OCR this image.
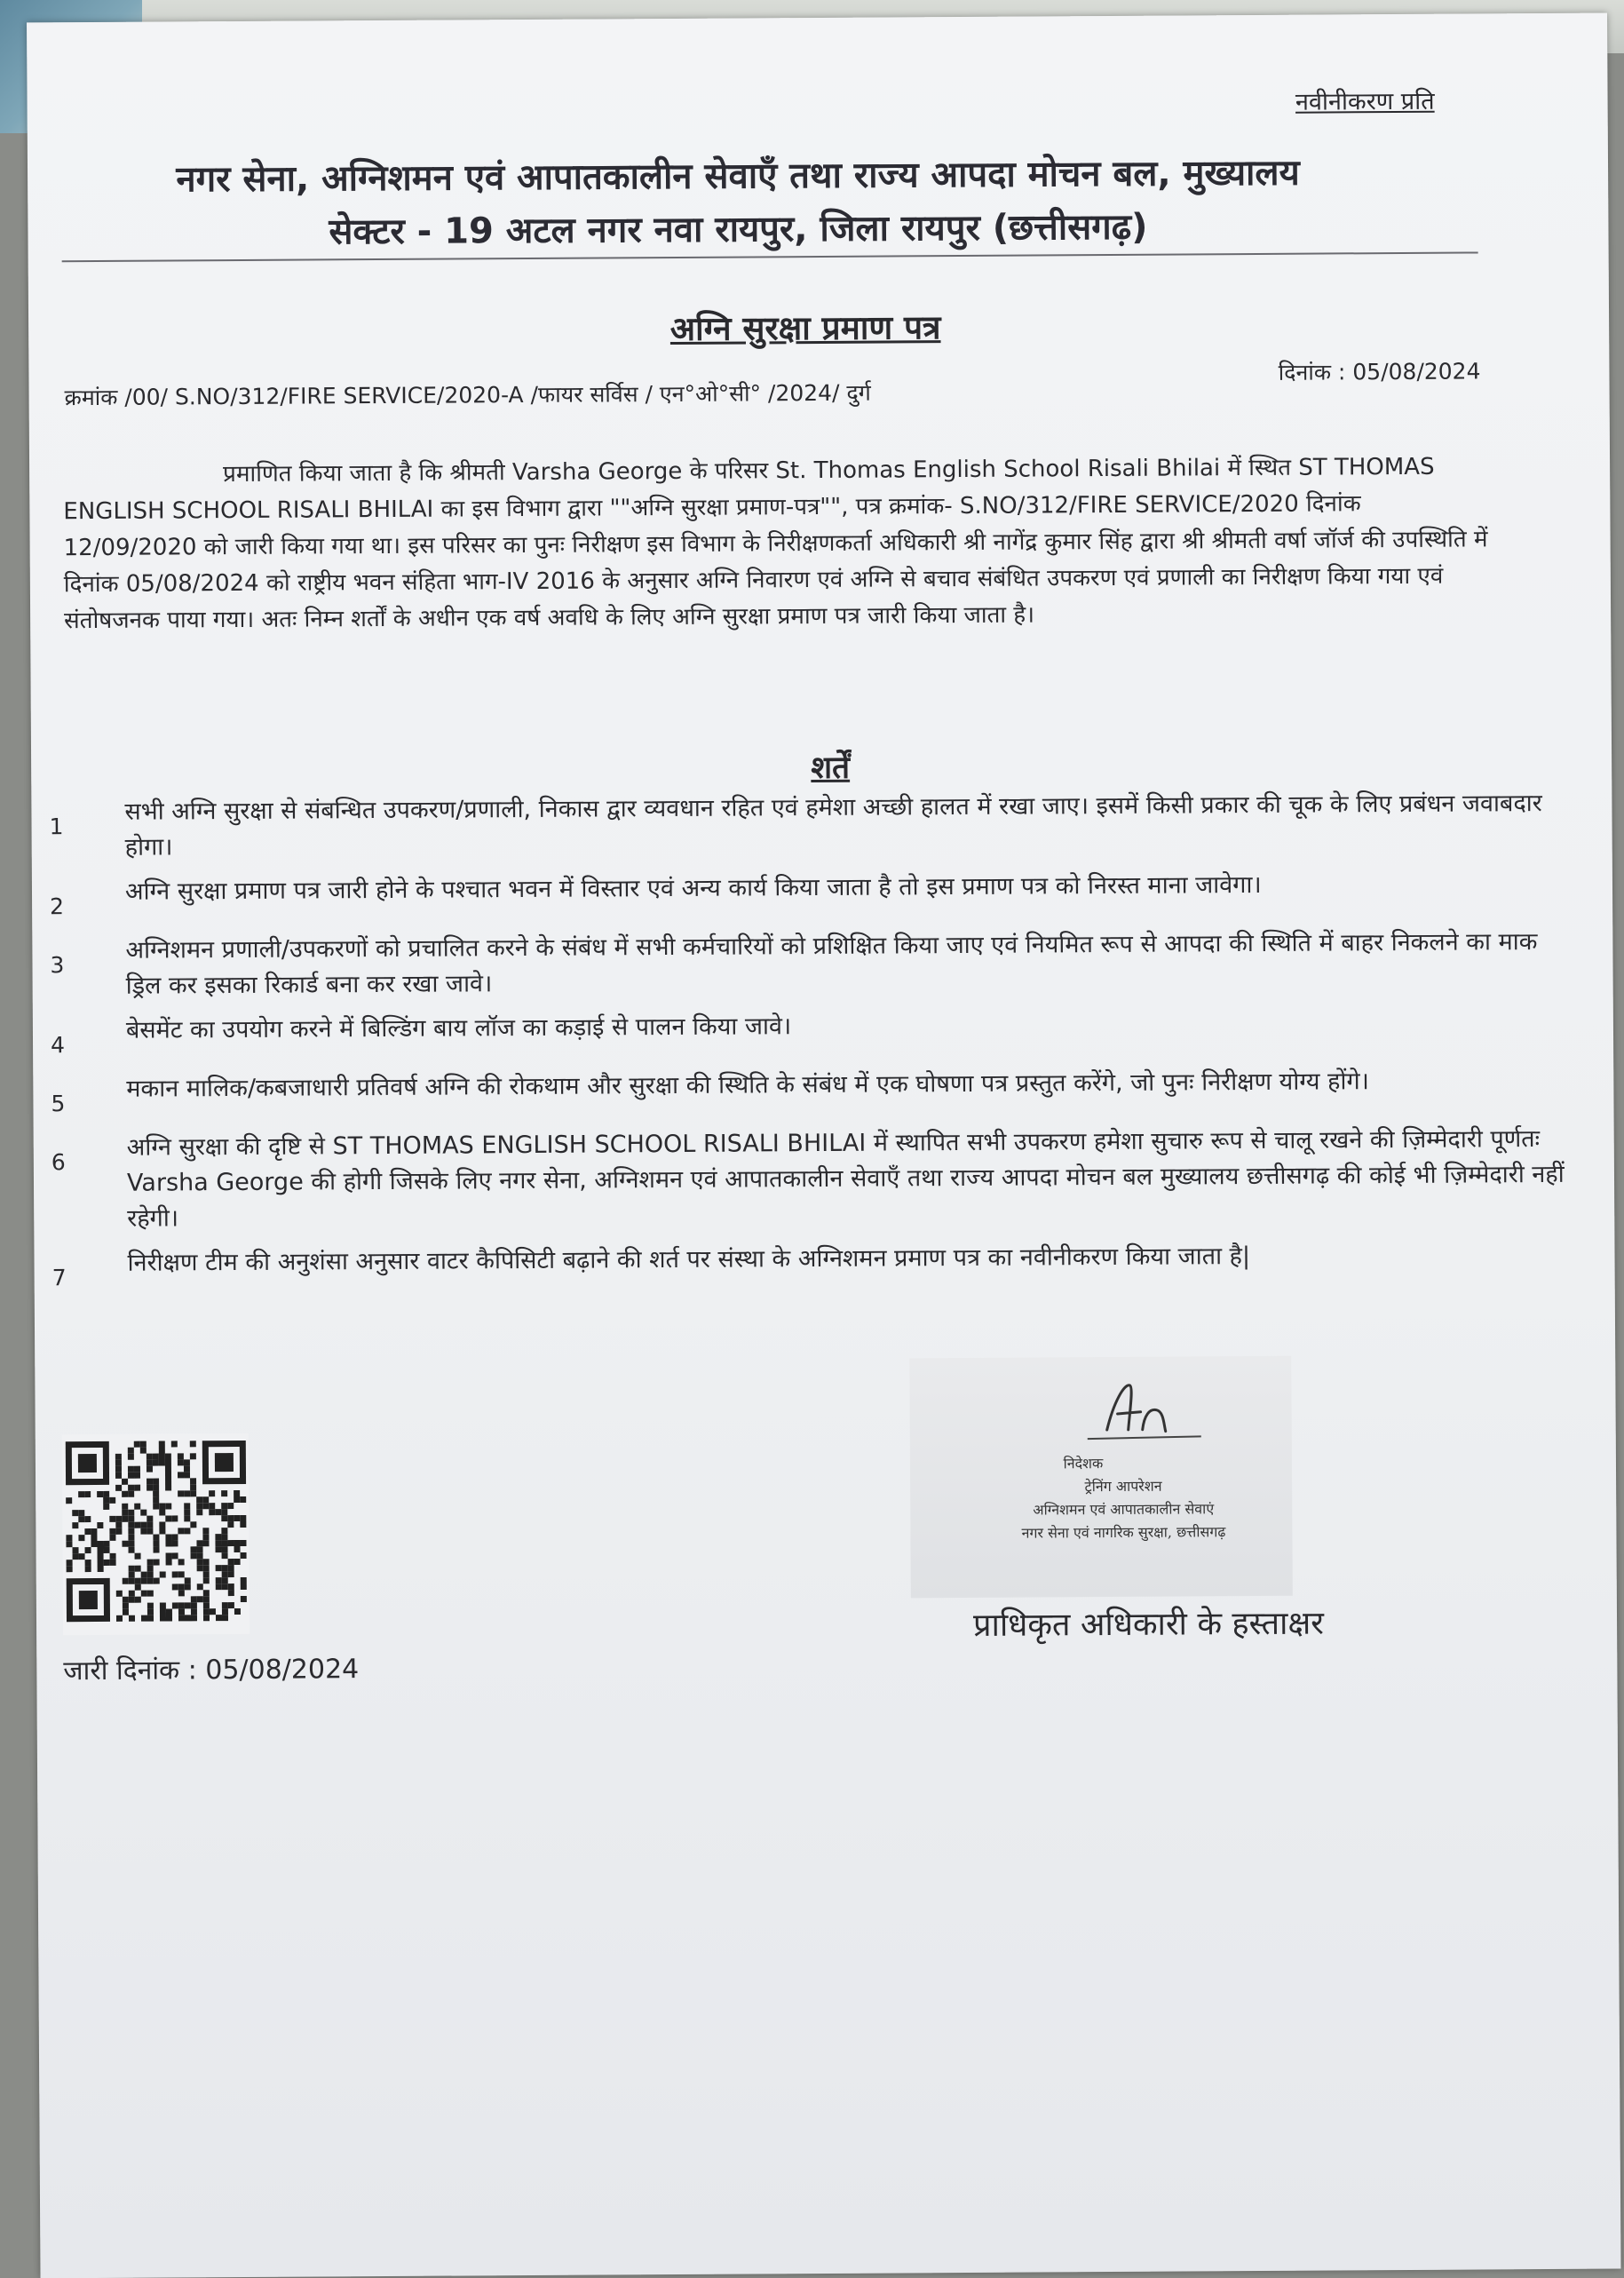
नवीनीकरण प्रति
नगर सेना, अग्निशमन एवं आपातकालीन सेवाएँ तथा राज्य आपदा मोचन बल, मुख्यालय
सेक्टर - 19 अटल नगर नवा रायपुर, जिला रायपुर (छत्तीसगढ़)
अग्नि सुरक्षा प्रमाण पत्र
क्रमांक /00/ S.NO/312/FIRE SERVICE/2020-A /फायर सर्विस / एन°ओ°सी° /2024/ दुर्ग
दिनांक : 05/08/2024
प्रमाणित किया जाता है कि श्रीमती Varsha George के परिसर St. Thomas English School Risali Bhilai में स्थित ST THOMAS ENGLISH SCHOOL RISALI BHILAI का इस विभाग द्वारा ""अग्नि सुरक्षा प्रमाण-पत्र"", पत्र क्रमांक- S.NO/312/FIRE SERVICE/2020 दिनांक 12/09/2020 को जारी किया गया था। इस परिसर का पुनः निरीक्षण इस विभाग के निरीक्षणकर्ता अधिकारी श्री नागेंद्र कुमार सिंह द्वारा श्री श्रीमती वर्षा जॉर्ज की उपस्थिति में दिनांक 05/08/2024 को राष्ट्रीय भवन संहिता भाग-IV 2016 के अनुसार अग्नि निवारण एवं अग्नि से बचाव संबंधित उपकरण एवं प्रणाली का निरीक्षण किया गया एवं संतोषजनक पाया गया। अतः निम्न शर्तों के अधीन एक वर्ष अवधि के लिए अग्नि सुरक्षा प्रमाण पत्र जारी किया जाता है।
शर्तें
1
सभी अग्नि सुरक्षा से संबन्धित उपकरण/प्रणाली, निकास द्वार व्यवधान रहित एवं हमेशा अच्छी हालत में रखा जाए। इसमें किसी प्रकार की चूक के लिए प्रबंधन जवाबदार होगा।
2
अग्नि सुरक्षा प्रमाण पत्र जारी होने के पश्चात भवन में विस्तार एवं अन्य कार्य किया जाता है तो इस प्रमाण पत्र को निरस्त माना जावेगा।
3
अग्निशमन प्रणाली/उपकरणों को प्रचालित करने के संबंध में सभी कर्मचारियों को प्रशिक्षित किया जाए एवं नियमित रूप से आपदा की स्थिति में बाहर निकलने का माक ड्रिल कर इसका रिकार्ड बना कर रखा जावे।
4
बेसमेंट का उपयोग करने में बिल्डिंग बाय लॉज का कड़ाई से पालन किया जावे।
5
मकान मालिक/कबजाधारी प्रतिवर्ष अग्नि की रोकथाम और सुरक्षा की स्थिति के संबंध में एक घोषणा पत्र प्रस्तुत करेंगे, जो पुनः निरीक्षण योग्य होंगे।
6
अग्नि सुरक्षा की दृष्टि से ST THOMAS ENGLISH SCHOOL RISALI BHILAI में स्थापित सभी उपकरण हमेशा सुचारु रूप से चालू रखने की ज़िम्मेदारी पूर्णतः Varsha George की होगी जिसके लिए नगर सेना, अग्निशमन एवं आपातकालीन सेवाएँ तथा राज्य आपदा मोचन बल मुख्यालय छत्तीसगढ़ की कोई भी ज़िम्मेदारी नहीं रहेगी।
7
निरीक्षण टीम की अनुशंसा अनुसार वाटर कैपिसिटी बढ़ाने की शर्त पर संस्था के अग्निशमन प्रमाण पत्र का नवीनीकरण किया जाता है|
जारी दिनांक : 05/08/2024
निदेशक
ट्रेनिंग आपरेशन
अग्निशमन एवं आपातकालीन सेवाएं
नगर सेना एवं नागरिक सुरक्षा, छत्तीसगढ़
प्राधिकृत अधिकारी के हस्ताक्षर
